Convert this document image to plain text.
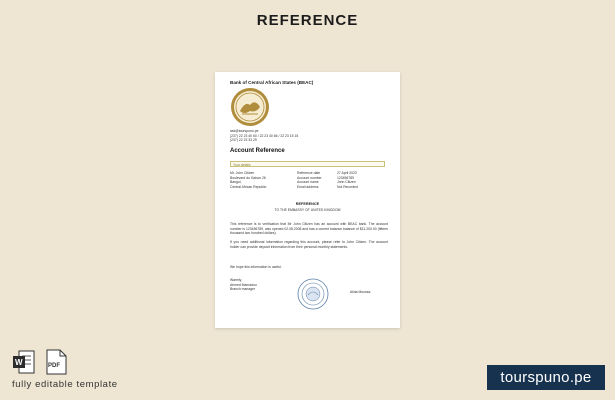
REFERENCE
Bank of Central African States (BEAC)
ask@tourspuno.pe
(237) 22 23 40 60 / 22 23 40 66 / 22 23 15 15
(237) 22 23 33 29
Account Reference
Your details
Mr. John Citizen
Boulevard du Gabon 26
Bangui,
Central African Republic
Reference date	27 April 2023
Account number	123456789
Account name	John Citizen
Email address	Not Recorded
REFERENCE
TO THE EMBASSY OF UNITED KINGDOM
This reference is to verification that Mr John Citizen has an account with BEAC bank. The account number is 123456789, was opened 02.08.2008 and has a current balance balance of $11.200.00 (fifteen thousand two hundred dollars).
If you need additional information regarding this account, please refer to John Citizen. The account holder can provide deposit information from their personal monthly statements.
We hope this information is useful.
Warmly,
Ahmed Mamadou
Branch manager
Alida Moussa
W	PDF
fully editable template	tourspuno.pe
